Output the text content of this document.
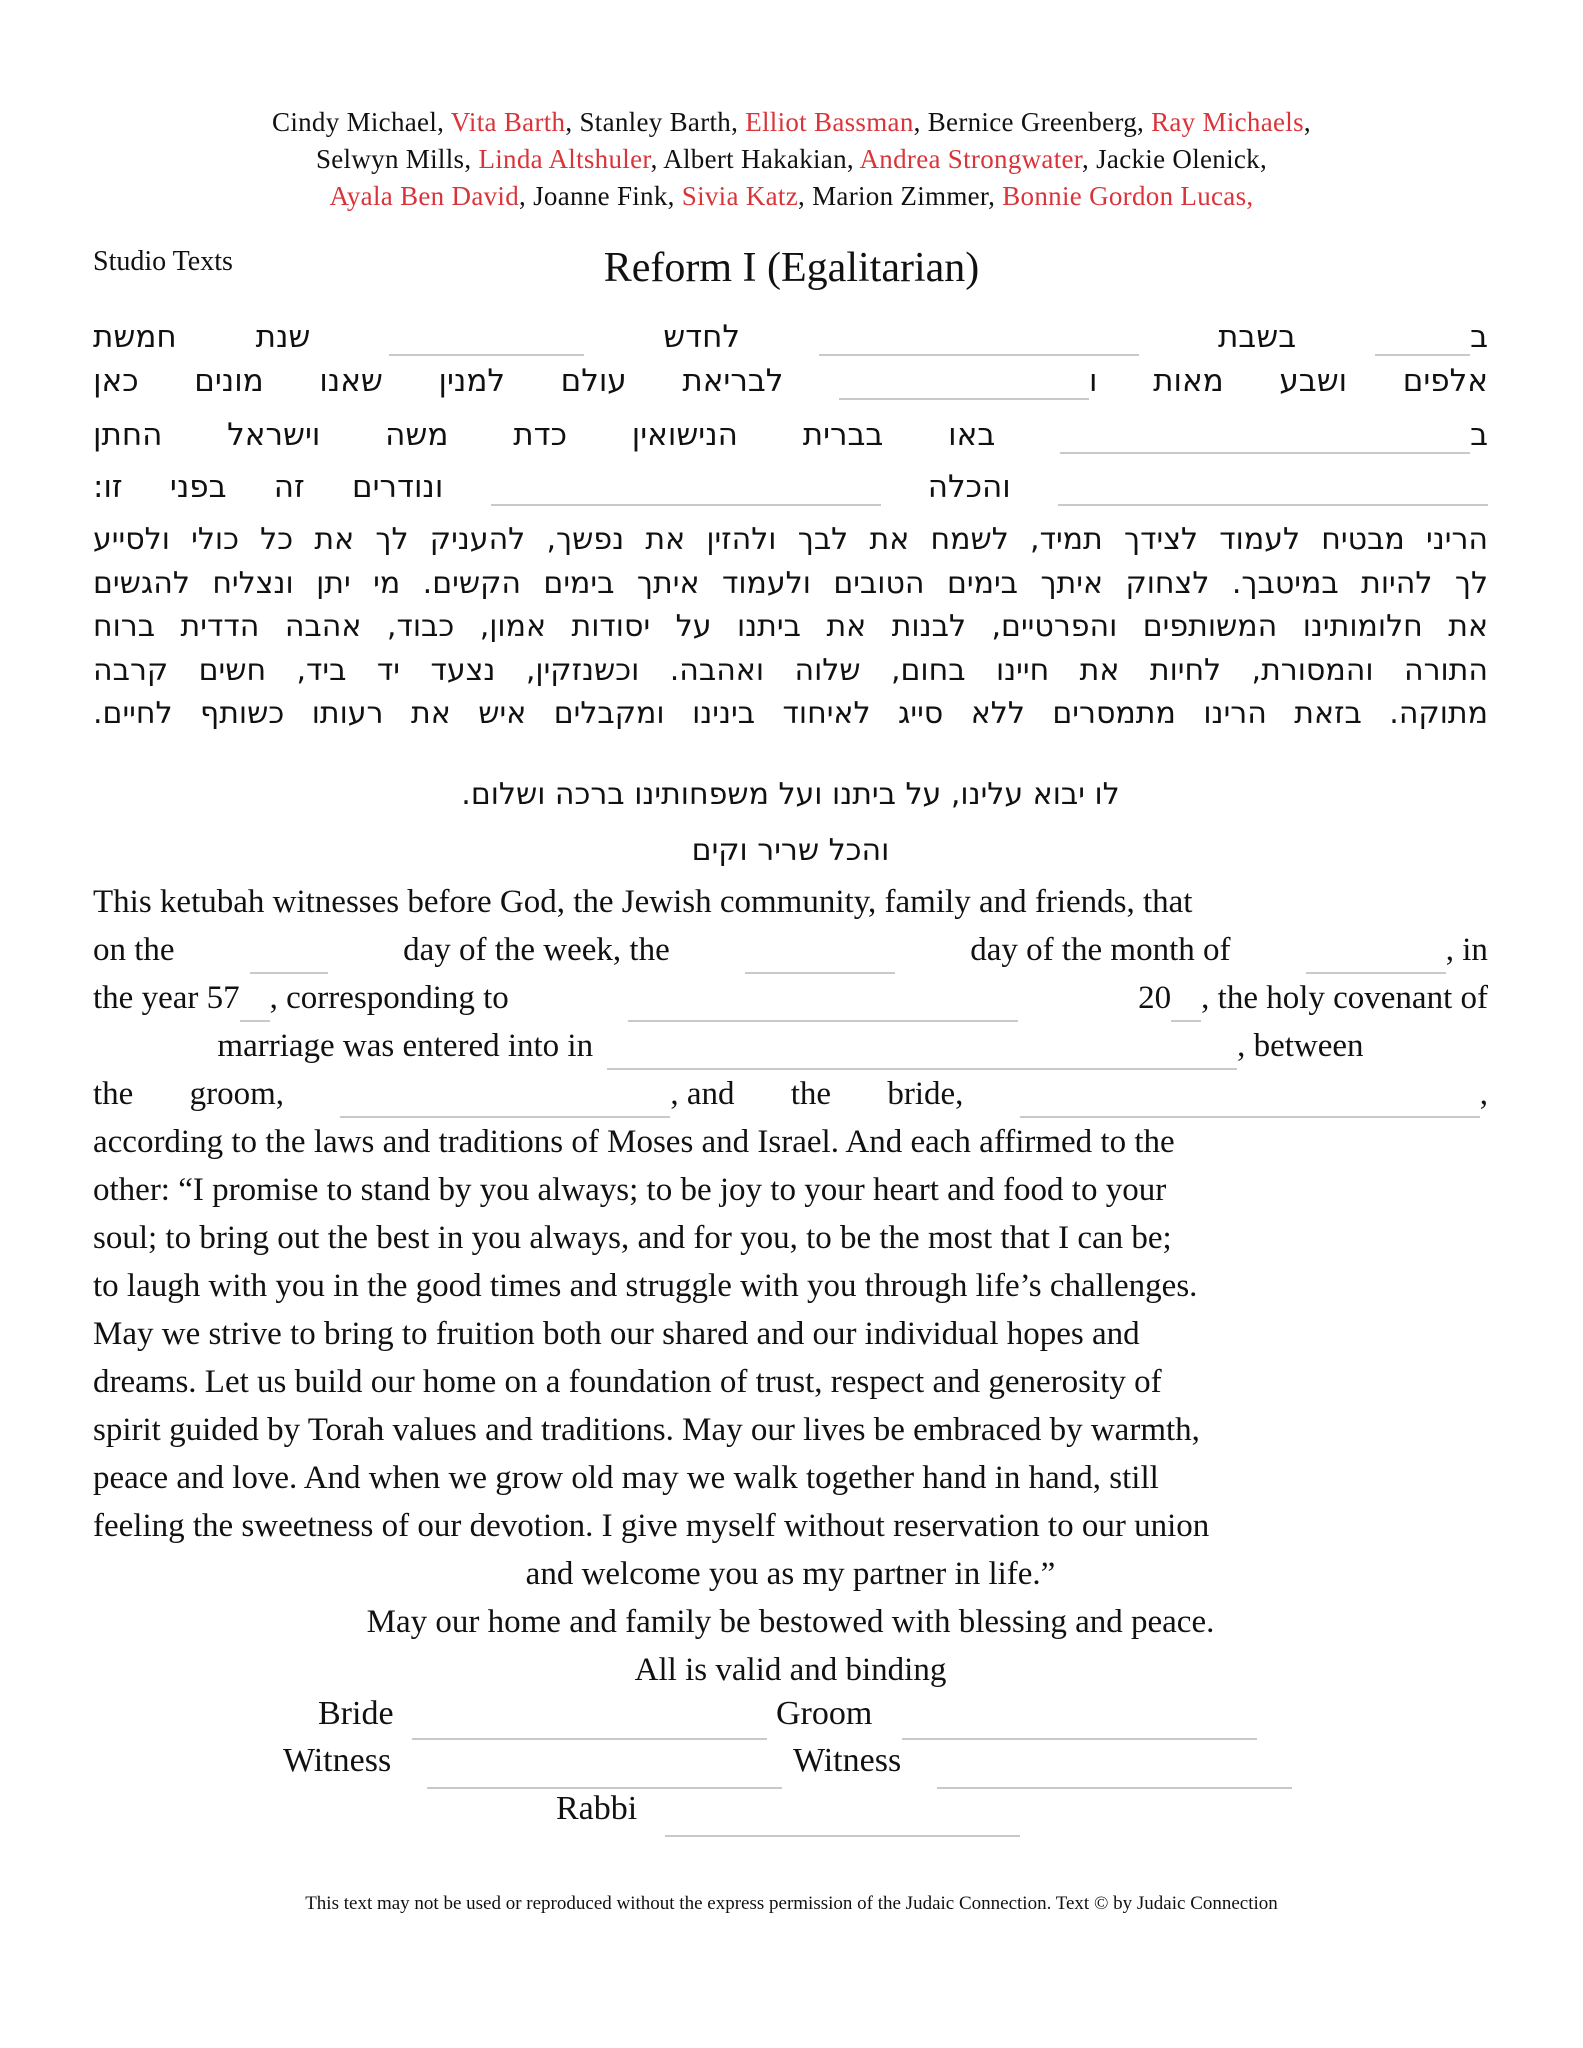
Cindy Michael, Vita Barth, Stanley Barth, Elliot Bassman, Bernice Greenberg, Ray Michaels,
Selwyn Mills, Linda Altshuler, Albert Hakakian, Andrea Strongwater, Jackie Olenick,
Ayala Ben David, Joanne Fink, Sivia Katz, Marion Zimmer, Bonnie Gordon Lucas,
Studio Texts	Reform I (Egalitarian)
ב
בשבת
לחדש
שנת
חמשת
אלפים
ושבע
מאות
ו
לבריאת
עולם
למנין
שאנו
מונים
כאן
ב
באו
בברית
הנישואין
כדת
משה
וישראל
החתן
והכלה
ונודרים
זה
בפני
זו:
הריני מבטיח לעמוד לצידך תמיד, לשמח את לבך ולהזין את נפשך, להעניק לך את כל כולי ולסייע
לך להיות במיטבך. לצחוק איתך בימים הטובים ולעמוד איתך בימים הקשים. מי יתן ונצליח להגשים
את חלומותינו המשותפים והפרטיים, לבנות את ביתנו על יסודות אמון, כבוד, אהבה הדדית ברוח
התורה והמסורת, לחיות את חיינו בחום, שלוה ואהבה. וכשנזקין, נצעד יד ביד, חשים קרבה
מתוקה. בזאת הרינו מתמסרים ללא סייג לאיחוד בינינו ומקבלים איש את רעותו כשותף לחיים.
לו יבוא עלינו, על ביתנו ועל משפחותינו ברכה ושלום.
והכל שריר וקים
This ketubah witnesses before God, the Jewish community, family and friends, that
on the	day of the week, the	day of the month of	, in
the year 57 , corresponding to	20 , the holy covenant of
marriage was entered into in	, between
the groom,	, and the bride,	,
according to the laws and traditions of Moses and Israel. And each affirmed to the
other: “I promise to stand by you always; to be joy to your heart and food to your
soul; to bring out the best in you always, and for you, to be the most that I can be;
to laugh with you in the good times and struggle with you through life’s challenges.
May we strive to bring to fruition both our shared and our individual hopes and
dreams. Let us build our home on a foundation of trust, respect and generosity of
spirit guided by Torah values and traditions. May our lives be embraced by warmth,
peace and love. And when we grow old may we walk together hand in hand, still
feeling the sweetness of our devotion. I give myself without reservation to our union
and welcome you as my partner in life.”
May our home and family be bestowed with blessing and peace.
All is valid and binding
Bride	Groom
Witness	Witness
Rabbi
This text may not be used or reproduced without the express permission of the Judaic Connection. Text © by Judaic Connection
